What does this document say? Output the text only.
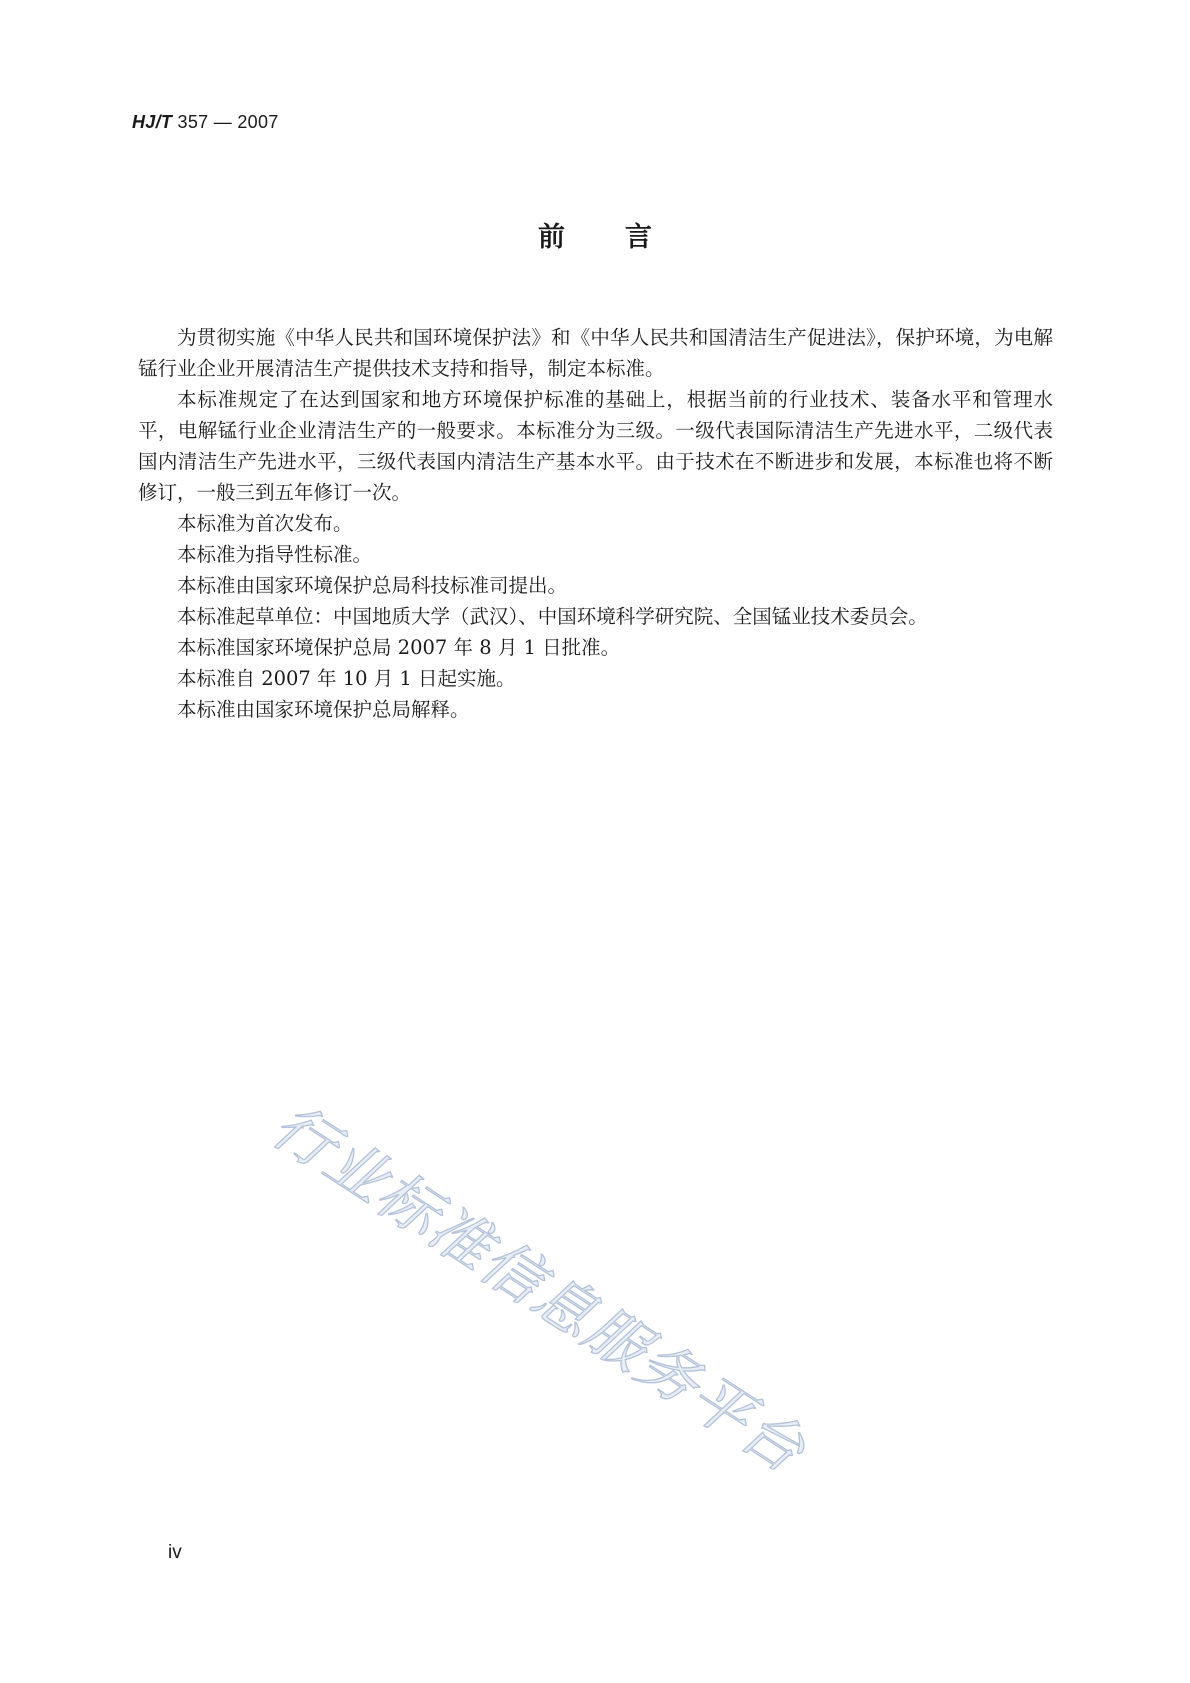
HJ/T 357 — 2007
前言

为贯彻实施《中华人民共和国环境保护法》和《中华人民共和国清洁生产促进法》，保护环境，为电解锰行业企业开展清洁生产提供技术支持和指导，制定本标准。

本标准规定了在达到国家和地方环境保护标准的基础上，根据当前的行业技术、装备水平和管理水平，电解锰行业企业清洁生产的一般要求。本标准分为三级。一级代表国际清洁生产先进水平，二级代表国内清洁生产先进水平，三级代表国内清洁生产基本水平。由于技术在不断进步和发展，本标准也将不断修订，一般三到五年修订一次。

本标准为首次发布。

本标准为指导性标准。

本标准由国家环境保护总局科技标准司提出。

本标准起草单位：中国地质大学（武汉）、中国环境科学研究院、全国锰业技术委员会。

本标准国家环境保护总局 2007 年 8 月 1 日批准。

本标准自 2007 年 10 月 1 日起实施。

本标准由国家环境保护总局解释。

行业标准信息服务平台
iv
